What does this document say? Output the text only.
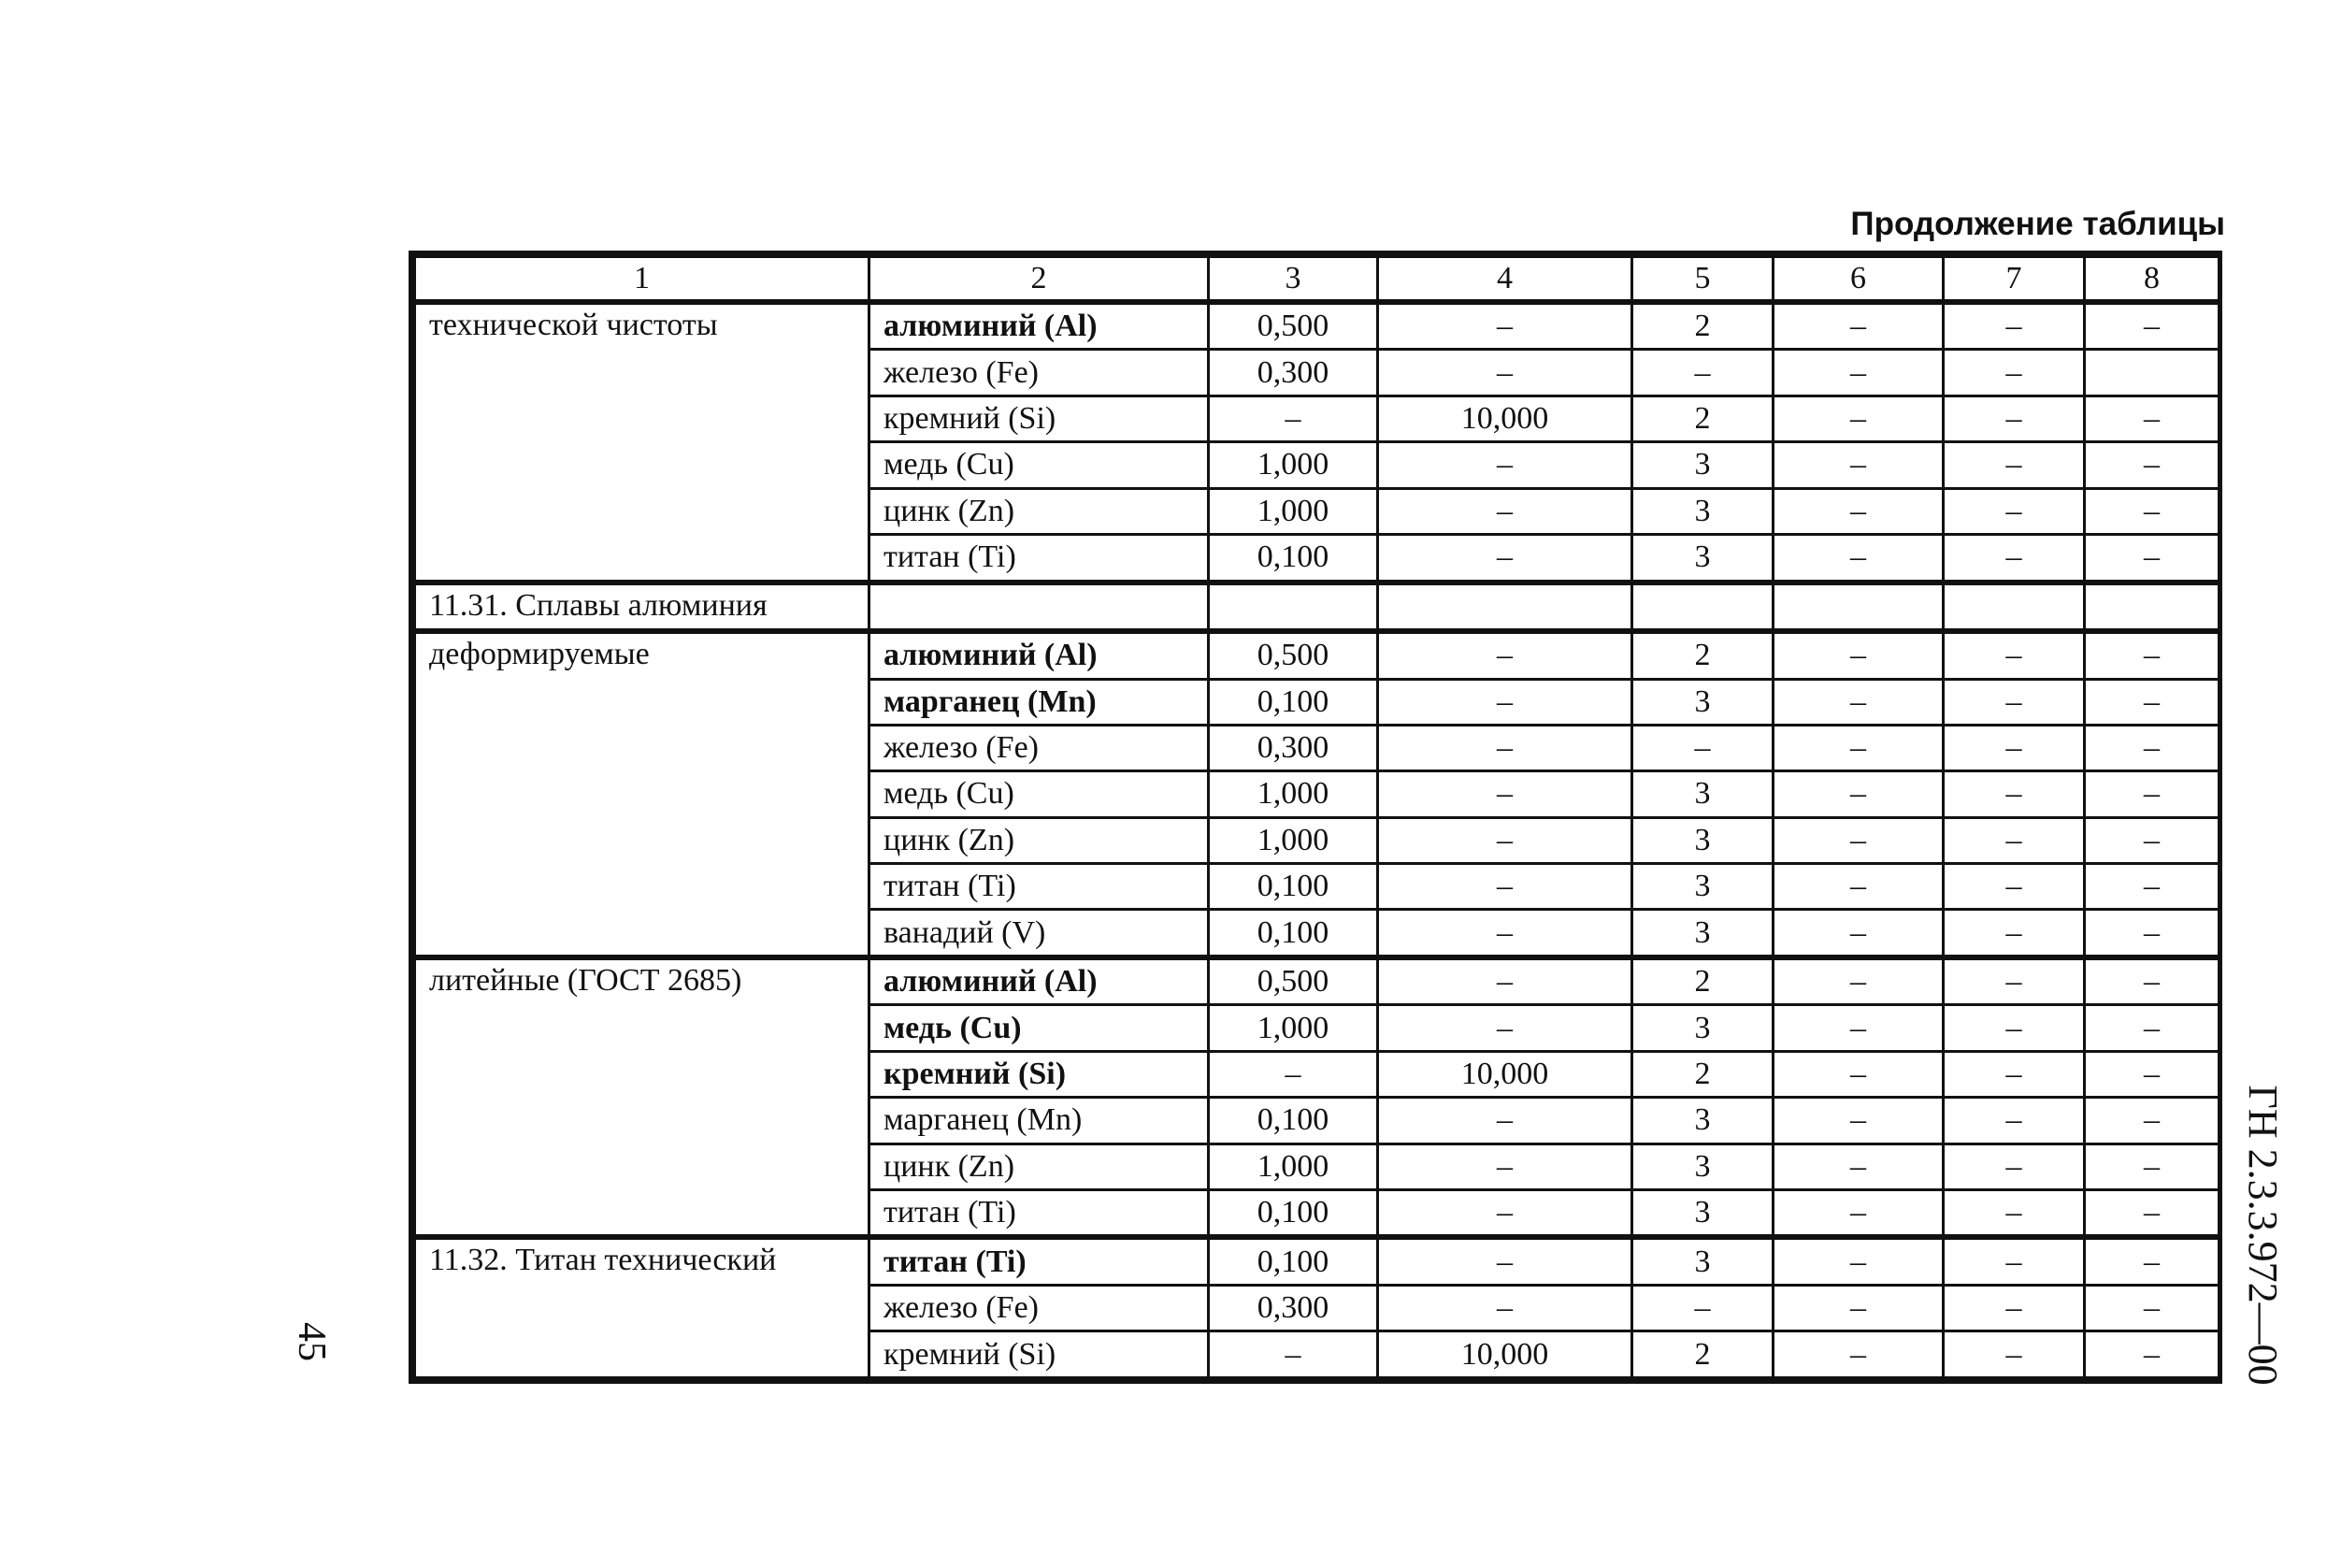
Продолжение таблицы
1	2	3	4	5	6	7	8
технической чистоты	алюминий (Al)	0,500	–	2	–	–	–
	железо (Fe)	0,300	–	–	–	–	
	кремний (Si)	–	10,000	2	–	–	–
	медь (Cu)	1,000	–	3	–	–	–
	цинк (Zn)	1,000	–	3	–	–	–
	титан (Ti)	0,100	–	3	–	–	–
11.31. Сплавы алюминия							
деформируемые	алюминий (Al)	0,500	–	2	–	–	–
	марганец (Mn)	0,100	–	3	–	–	–
	железо (Fe)	0,300	–	–	–	–	–
	медь (Cu)	1,000	–	3	–	–	–
	цинк (Zn)	1,000	–	3	–	–	–
	титан (Ti)	0,100	–	3	–	–	–
	ванадий (V)	0,100	–	3	–	–	–
литейные (ГОСТ 2685)	алюминий (Al)	0,500	–	2	–	–	–
	медь (Cu)	1,000	–	3	–	–	–
	кремний (Si)	–	10,000	2	–	–	–
	марганец (Mn)	0,100	–	3	–	–	–
	цинк (Zn)	1,000	–	3	–	–	–
	титан (Ti)	0,100	–	3	–	–	–
11.32. Титан технический	титан (Ti)	0,100	–	3	–	–	–
	железо (Fe)	0,300	–	–	–	–	–
	кремний (Si)	–	10,000	2	–	–	–
45	ГН 2.3.3.972—00
